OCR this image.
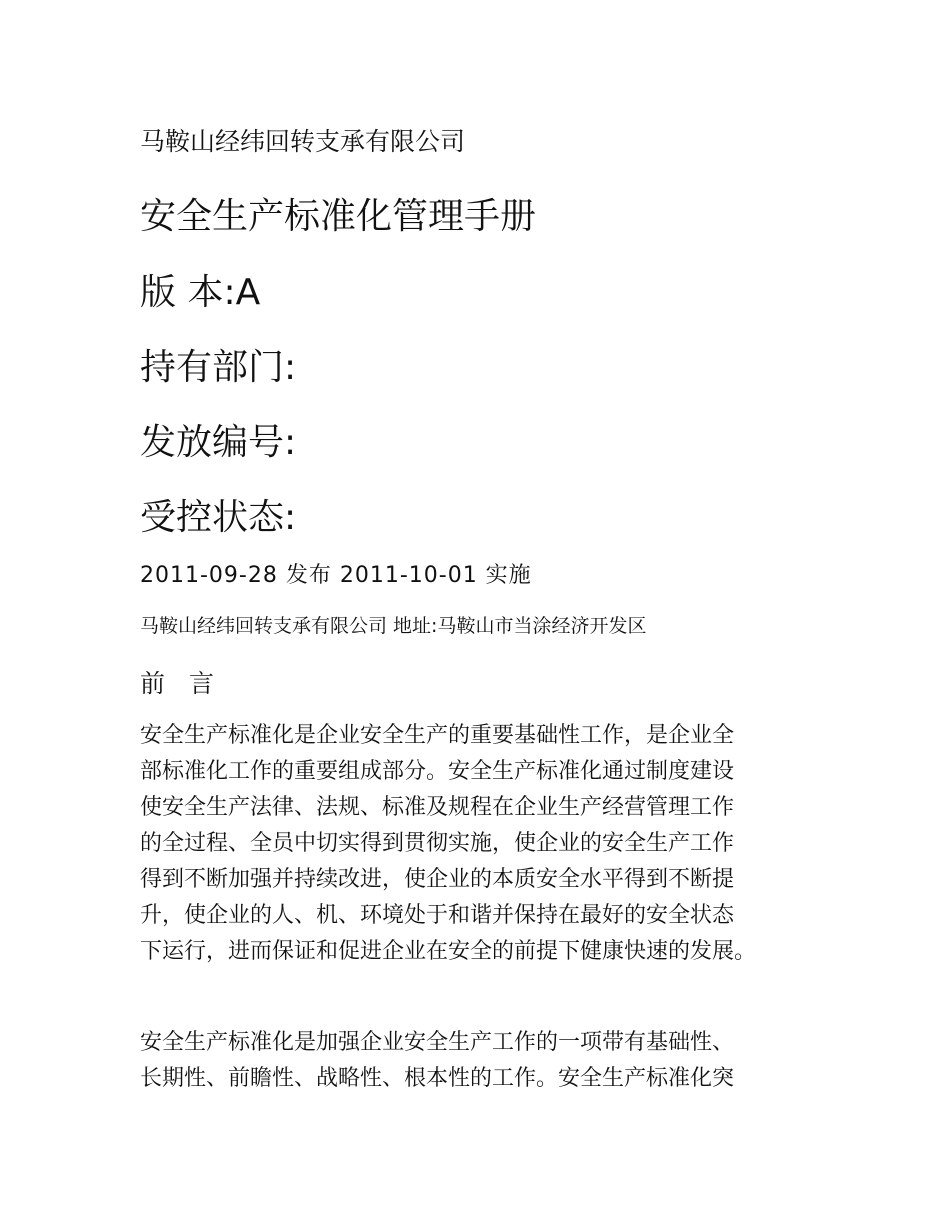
马鞍山经纬回转支承有限公司
安全生产标准化管理手册
版 本:A
持有部门:
发放编号:
受控状态:
2011-09-28 发布 2011-10-01 实施
马鞍山经纬回转支承有限公司 地址:马鞍山市当涂经济开发区
前 言

安全生产标准化是企业安全生产的重要基础性工作，是企业全

部标准化工作的重要组成部分。安全生产标准化通过制度建设

使安全生产法律、法规、标准及规程在企业生产经营管理工作

的全过程、全员中切实得到贯彻实施，使企业的安全生产工作

得到不断加强并持续改进，使企业的本质安全水平得到不断提

升，使企业的人、机、环境处于和谐并保持在最好的安全状态

下运行，进而保证和促进企业在安全的前提下健康快速的发展。

安全生产标准化是加强企业安全生产工作的一项带有基础性、

长期性、前瞻性、战略性、根本性的工作。安全生产标准化突
